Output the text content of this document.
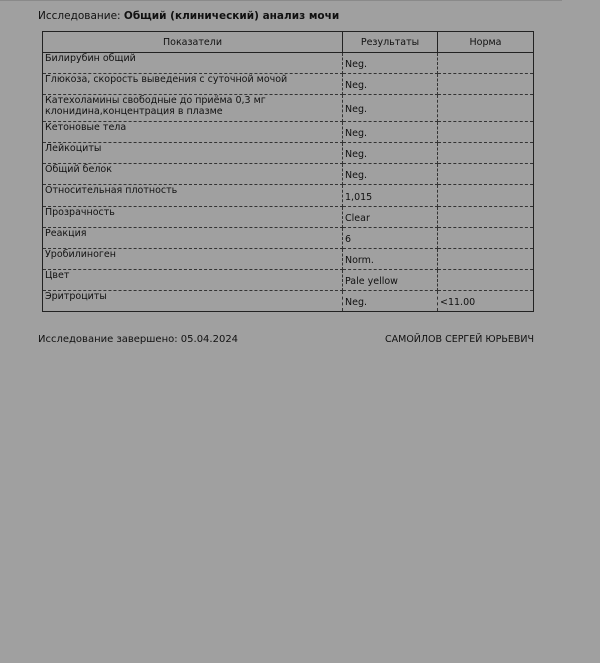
Исследование: Общий (клинический) анализ мочи
Показатели	Результаты	Норма
Билирубин общий	Neg.	
Глюкоза, скорость выведения с суточной мочой	Neg.	
Катехоламины свободные до приёма 0,3 мг клонидина,концентрация в плазме	Neg.	
Кетоновые тела	Neg.	
Лейкоциты	Neg.	
Общий белок	Neg.	
Относительная плотность	1,015	
Прозрачность	Clear	
Реакция	6	
Уробилиноген	Norm.	
Цвет	Pale yellow	
Эритроциты	Neg.	<11.00
Исследование завершено: 05.04.2024	САМОЙЛОВ СЕРГЕЙ ЮРЬЕВИЧ
